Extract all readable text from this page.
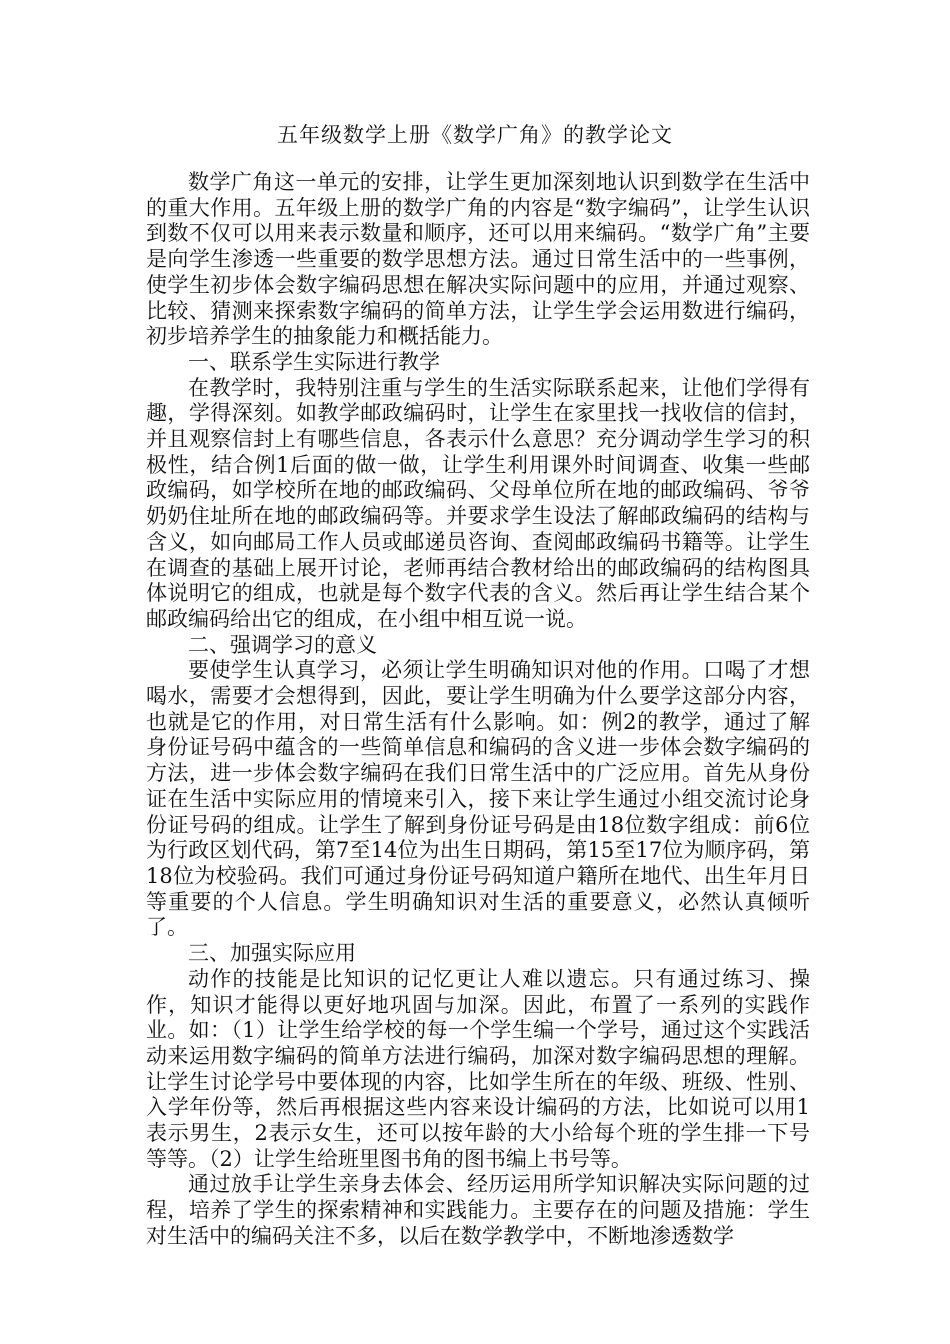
五年级数学上册《数学广角》的教学论文

数学广角这一单元的安排，让学生更加深刻地认识到数学在生活中的重大作用。五年级上册的数学广角的内容是“数字编码”，让学生认识到数不仅可以用来表示数量和顺序，还可以用来编码。“数学广角”主要是向学生渗透一些重要的数学思想方法。通过日常生活中的一些事例，使学生初步体会数字编码思想在解决实际问题中的应用，并通过观察、比较、猜测来探索数字编码的简单方法，让学生学会运用数进行编码，初步培养学生的抽象能力和概括能力。

一、联系学生实际进行教学

在教学时，我特别注重与学生的生活实际联系起来，让他们学得有趣，学得深刻。如教学邮政编码时，让学生在家里找一找收信的信封，并且观察信封上有哪些信息，各表示什么意思？充分调动学生学习的积极性，结合例1后面的做一做，让学生利用课外时间调查、收集一些邮政编码，如学校所在地的邮政编码、父母单位所在地的邮政编码、爷爷奶奶住址所在地的邮政编码等。并要求学生设法了解邮政编码的结构与含义，如向邮局工作人员或邮递员咨询、查阅邮政编码书籍等。让学生在调查的基础上展开讨论，老师再结合教材给出的邮政编码的结构图具体说明它的组成，也就是每个数字代表的含义。然后再让学生结合某个邮政编码给出它的组成，在小组中相互说一说。

二、强调学习的意义

要使学生认真学习，必须让学生明确知识对他的作用。口喝了才想喝水，需要才会想得到，因此，要让学生明确为什么要学这部分内容，也就是它的作用，对日常生活有什么影响。如：例2的教学，通过了解身份证号码中蕴含的一些简单信息和编码的含义进一步体会数字编码的方法，进一步体会数字编码在我们日常生活中的广泛应用。首先从身份证在生活中实际应用的情境来引入，接下来让学生通过小组交流讨论身份证号码的组成。让学生了解到身份证号码是由18位数字组成：前6位为行政区划代码，第7至14位为出生日期码，第15至17位为顺序码，第18位为校验码。我们可通过身份证号码知道户籍所在地代、出生年月日等重要的个人信息。学生明确知识对生活的重要意义，必然认真倾听了。

三、加强实际应用

动作的技能是比知识的记忆更让人难以遗忘。只有通过练习、操作，知识才能得以更好地巩固与加深。因此，布置了一系列的实践作业。如：（1）让学生给学校的每一个学生编一个学号，通过这个实践活动来运用数字编码的简单方法进行编码，加深对数字编码思想的理解。让学生讨论学号中要体现的内容，比如学生所在的年级、班级、性别、入学年份等，然后再根据这些内容来设计编码的方法，比如说可以用1表示男生，2表示女生，还可以按年龄的大小给每个班的学生排一下号等等。（2）让学生给班里图书角的图书编上书号等。

通过放手让学生亲身去体会、经历运用所学知识解决实际问题的过程，培养了学生的探索精神和实践能力。主要存在的问题及措施：学生对生活中的编码关注不多，以后在数学教学中，不断地渗透数学
